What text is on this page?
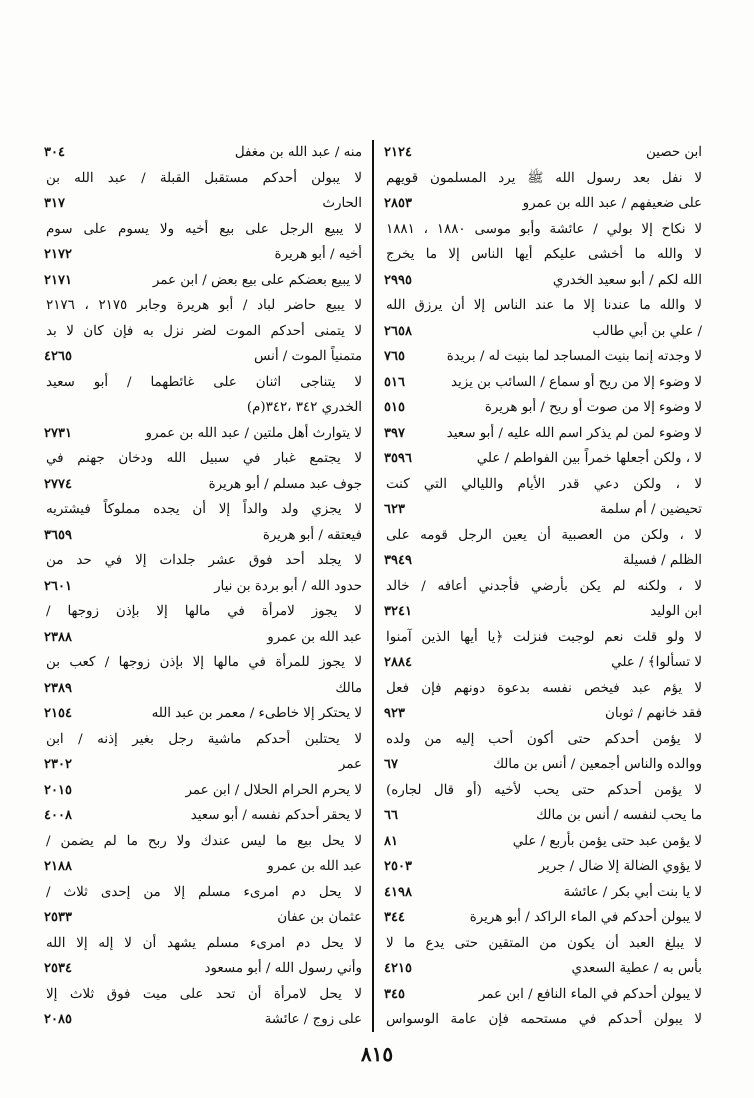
ابن حصين
٢١٢٤
لا نفل بعد رسول الله ﷺ يرد المسلمون قويهم
على ضعيفهم / عبد الله بن عمرو
٢٨٥٣
لا نكاح إلا بولي / عائشة وأبو موسى ١٨٨٠ ، ١٨٨١
لا والله ما أخشى عليكم أيها الناس إلا ما يخرج
الله لكم / أبو سعيد الخدري
٢٩٩٥
لا والله ما عندنا إلا ما عند الناس إلا أن يرزق الله
/ علي بن أبي طالب
٢٦٥٨
لا وجدته إنما بنيت المساجد لما بنيت له / بريدة
٧٦٥
لا وضوء إلا من ريح أو سماع / السائب بن يزيد
٥١٦
لا وضوء إلا من صوت أو ريح / أبو هريرة
٥١٥
لا وضوء لمن لم يذكر اسم الله عليه / أبو سعيد
٣٩٧
لا ، ولكن أجعلها خمراً بين الفواطم / علي
٣٥٩٦
لا ، ولكن دعي قدر الأيام والليالي التي كنت
تحيضين / أم سلمة
٦٢٣
لا ، ولكن من العصبية أن يعين الرجل قومه على
الظلم / فسيلة
٣٩٤٩
لا ، ولكنه لم يكن بأرضي فأجدني أعافه / خالد
ابن الوليد
٣٢٤١
لا ولو قلت نعم لوجبت فنزلت ﴿يا أيها الذين آمنوا
لا تسألوا﴾ / علي
٢٨٨٤
لا يؤم عبد فيخص نفسه بدعوة دونهم فإن فعل
فقد خانهم / ثوبان
٩٢٣
لا يؤمن أحدكم حتى أكون أحب إليه من ولده
ووالده والناس أجمعين / أنس بن مالك
٦٧
لا يؤمن أحدكم حتى يحب لأخيه (أو قال لجاره)
ما يحب لنفسه / أنس بن مالك
٦٦
لا يؤمن عبد حتى يؤمن بأربع / علي
٨١
لا يؤوي الضالة إلا ضال / جرير
٢٥٠٣
لا يا بنت أبي بكر / عائشة
٤١٩٨
لا يبولن أحدكم في الماء الراكد / أبو هريرة
٣٤٤
لا يبلغ العبد أن يكون من المتقين حتى يدع ما لا
بأس به / عطية السعدي
٤٢١٥
لا يبولن أحدكم في الماء النافع / ابن عمر
٣٤٥
لا يبولن أحدكم في مستحمه فإن عامة الوسواس
منه / عبد الله بن مغفل
٣٠٤
لا يبولن أحدكم مستقبل القبلة / عبد الله بن
الحارث
٣١٧
لا يبيع الرجل على بيع أخيه ولا يسوم على سوم
أخيه / أبو هريرة
٢١٧٢
لا يبيع بعضكم على بيع بعض / ابن عمر
٢١٧١
لا يبيع حاضر لباد / أبو هريرة وجابر ٢١٧٥ ، ٢١٧٦
لا يتمنى أحدكم الموت لضر نزل به فإن كان لا بد
متمنياً الموت / أنس
٤٢٦٥
لا يتناجى اثنان على غائطهما / أبو سعيد
الخدري ٣٤٢ ،٣٤٢(م)
لا يتوارث أهل ملتين / عبد الله بن عمرو
٢٧٣١
لا يجتمع غبار في سبيل الله ودخان جهنم في
جوف عبد مسلم / أبو هريرة
٢٧٧٤
لا يجزي ولد والداً إلا أن يجده مملوكاً فيشتريه
فيعتقه / أبو هريرة
٣٦٥٩
لا يجلد أحد فوق عشر جلدات إلا في حد من
حدود الله / أبو بردة بن نيار
٢٦٠١
لا يجوز لامرأة في مالها إلا بإذن زوجها /
عبد الله بن عمرو
٢٣٨٨
لا يجوز للمرأة في مالها إلا بإذن زوجها / كعب بن
مالك
٢٣٨٩
لا يحتكر إلا خاطىء / معمر بن عبد الله
٢١٥٤
لا يحتلبن أحدكم ماشية رجل بغير إذنه / ابن
عمر
٢٣٠٢
لا يحرم الحرام الحلال / ابن عمر
٢٠١٥
لا يحقر أحدكم نفسه / أبو سعيد
٤٠٠٨
لا يحل بيع ما ليس عندك ولا ربح ما لم يضمن /
عبد الله بن عمرو
٢١٨٨
لا يحل دم امرىء مسلم إلا من إحدى ثلاث /
عثمان بن عفان
٢٥٣٣
لا يحل دم امرىء مسلم يشهد أن لا إله إلا الله
وأني رسول الله / أبو مسعود
٢٥٣٤
لا يحل لامرأة أن تحد على ميت فوق ثلاث إلا
على زوج / عائشة
٢٠٨٥
٨١٥
